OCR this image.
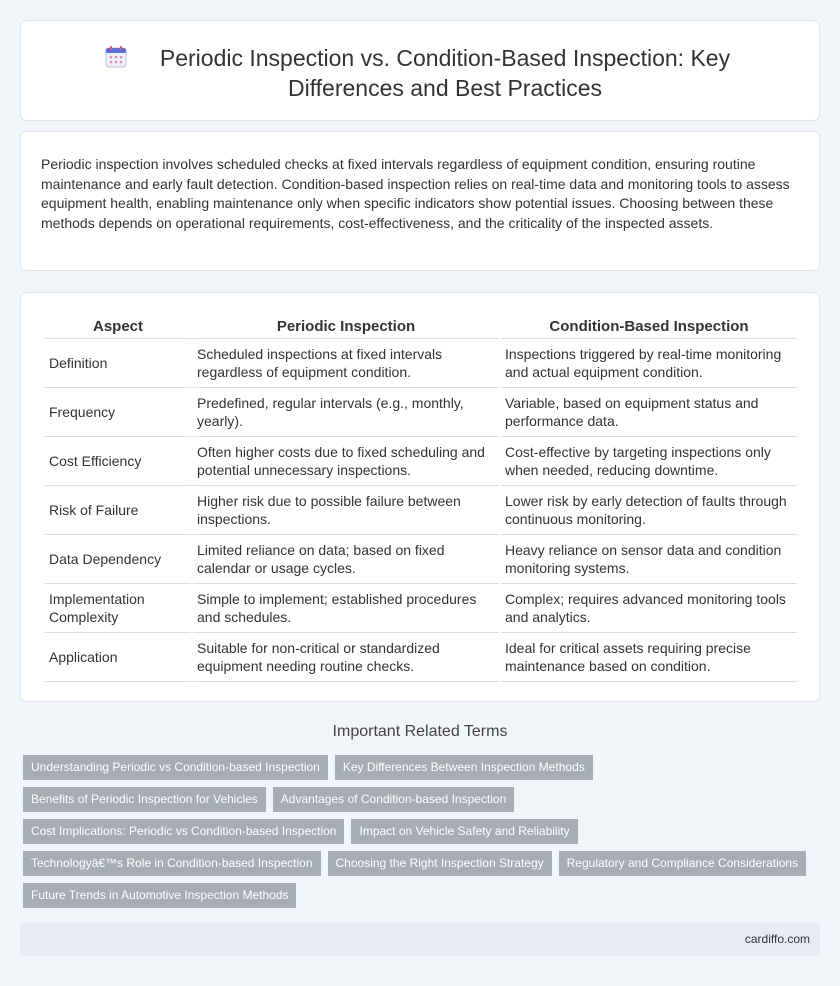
Periodic Inspection vs. Condition-Based Inspection: Key Differences and Best Practices

Periodic inspection involves scheduled checks at fixed intervals regardless of equipment condition, ensuring routine maintenance and early fault detection. Condition-based inspection relies on real-time data and monitoring tools to assess equipment health, enabling maintenance only when specific indicators show potential issues. Choosing between these methods depends on operational requirements, cost-effectiveness, and the criticality of the inspected assets.

Aspect	Periodic Inspection	Condition-Based Inspection
Definition	Scheduled inspections at fixed intervals regardless of equipment condition.	Inspections triggered by real-time monitoring and actual equipment condition.
Frequency	Predefined, regular intervals (e.g., monthly, yearly).	Variable, based on equipment status and performance data.
Cost Efficiency	Often higher costs due to fixed scheduling and potential unnecessary inspections.	Cost-effective by targeting inspections only when needed, reducing downtime.
Risk of Failure	Higher risk due to possible failure between inspections.	Lower risk by early detection of faults through continuous monitoring.
Data Dependency	Limited reliance on data; based on fixed calendar or usage cycles.	Heavy reliance on sensor data and condition monitoring systems.
Implementation Complexity	Simple to implement; established procedures and schedules.	Complex; requires advanced monitoring tools and analytics.
Application	Suitable for non-critical or standardized equipment needing routine checks.	Ideal for critical assets requiring precise maintenance based on condition.
Important Related Terms
Understanding Periodic vs Condition-based Inspection	Key Differences Between Inspection Methods
Benefits of Periodic Inspection for Vehicles	Advantages of Condition-based Inspection
Cost Implications: Periodic vs Condition-based Inspection	Impact on Vehicle Safety and Reliability
Technologyâ€™s Role in Condition-based Inspection	Choosing the Right Inspection Strategy	Regulatory and Compliance Considerations
Future Trends in Automotive Inspection Methods
cardiffo.com
